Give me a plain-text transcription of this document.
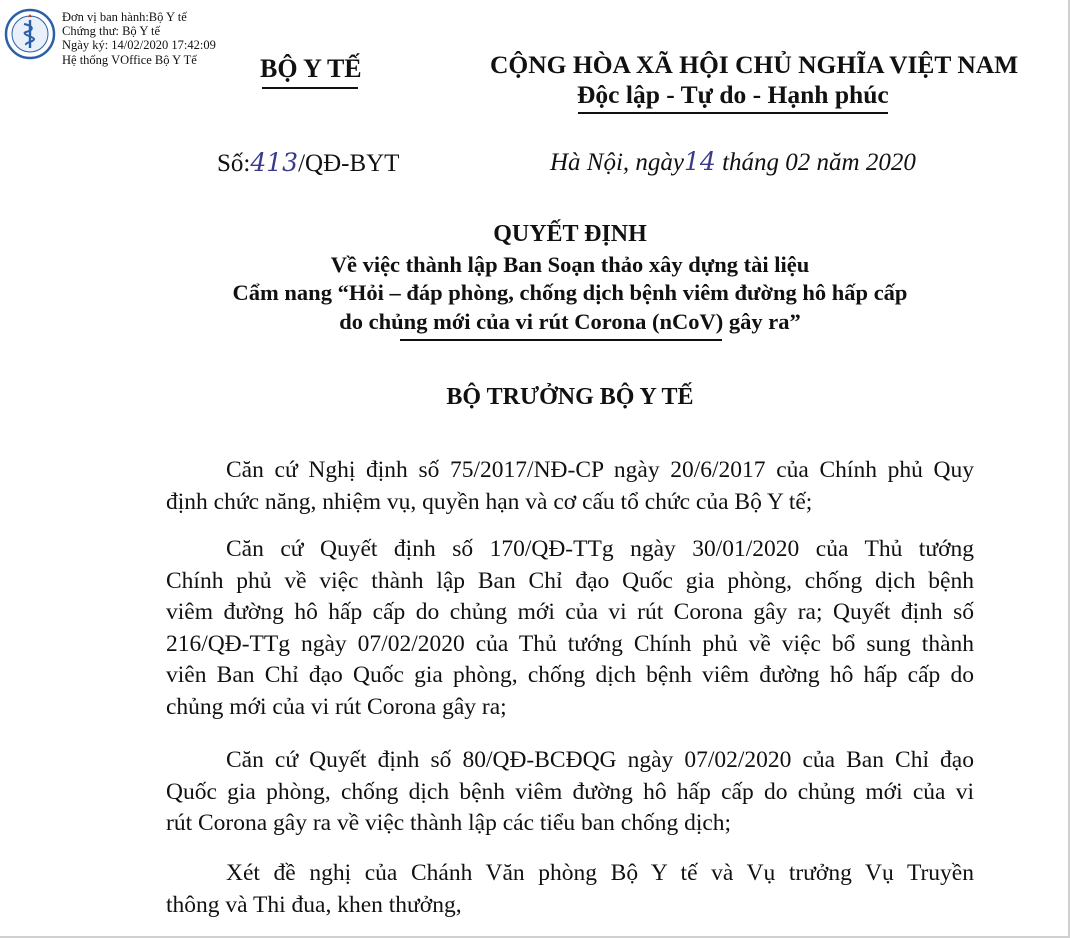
Đơn vị ban hành:Bộ Y tế
Chứng thư: Bộ Y tế
Ngày ký: 14/02/2020 17:42:09
Hệ thống VOffice Bộ Y Tế	BỘ Y TẾ	CỘNG HÒA XÃ HỘI CHỦ NGHĨA VIỆT NAM
Độc lập - Tự do - Hạnh phúc
Số:413/QĐ-BYT	Hà Nội, ngày14 tháng 02 năm 2020
QUYẾT ĐỊNH
Về việc thành lập Ban Soạn thảo xây dựng tài liệu
Cẩm nang “Hỏi – đáp phòng, chống dịch bệnh viêm đường hô hấp cấp
do chủng mới của vi rút Corona (nCoV) gây ra”
BỘ TRƯỞNG BỘ Y TẾ
Căn cứ Nghị định số 75/2017/NĐ-CP ngày 20/6/2017 của Chính phủ Quy
định chức năng, nhiệm vụ, quyền hạn và cơ cấu tổ chức của Bộ Y tế;
Căn cứ Quyết định số 170/QĐ-TTg ngày 30/01/2020 của Thủ tướng
Chính phủ về việc thành lập Ban Chỉ đạo Quốc gia phòng, chống dịch bệnh
viêm đường hô hấp cấp do chủng mới của vi rút Corona gây ra; Quyết định số
216/QĐ-TTg ngày 07/02/2020 của Thủ tướng Chính phủ về việc bổ sung thành
viên Ban Chỉ đạo Quốc gia phòng, chống dịch bệnh viêm đường hô hấp cấp do
chủng mới của vi rút Corona gây ra;
Căn cứ Quyết định số 80/QĐ-BCĐQG ngày 07/02/2020 của Ban Chỉ đạo
Quốc gia phòng, chống dịch bệnh viêm đường hô hấp cấp do chủng mới của vi
rút Corona gây ra về việc thành lập các tiểu ban chống dịch;
Xét đề nghị của Chánh Văn phòng Bộ Y tế và Vụ trưởng Vụ Truyền
thông và Thi đua, khen thưởng,
